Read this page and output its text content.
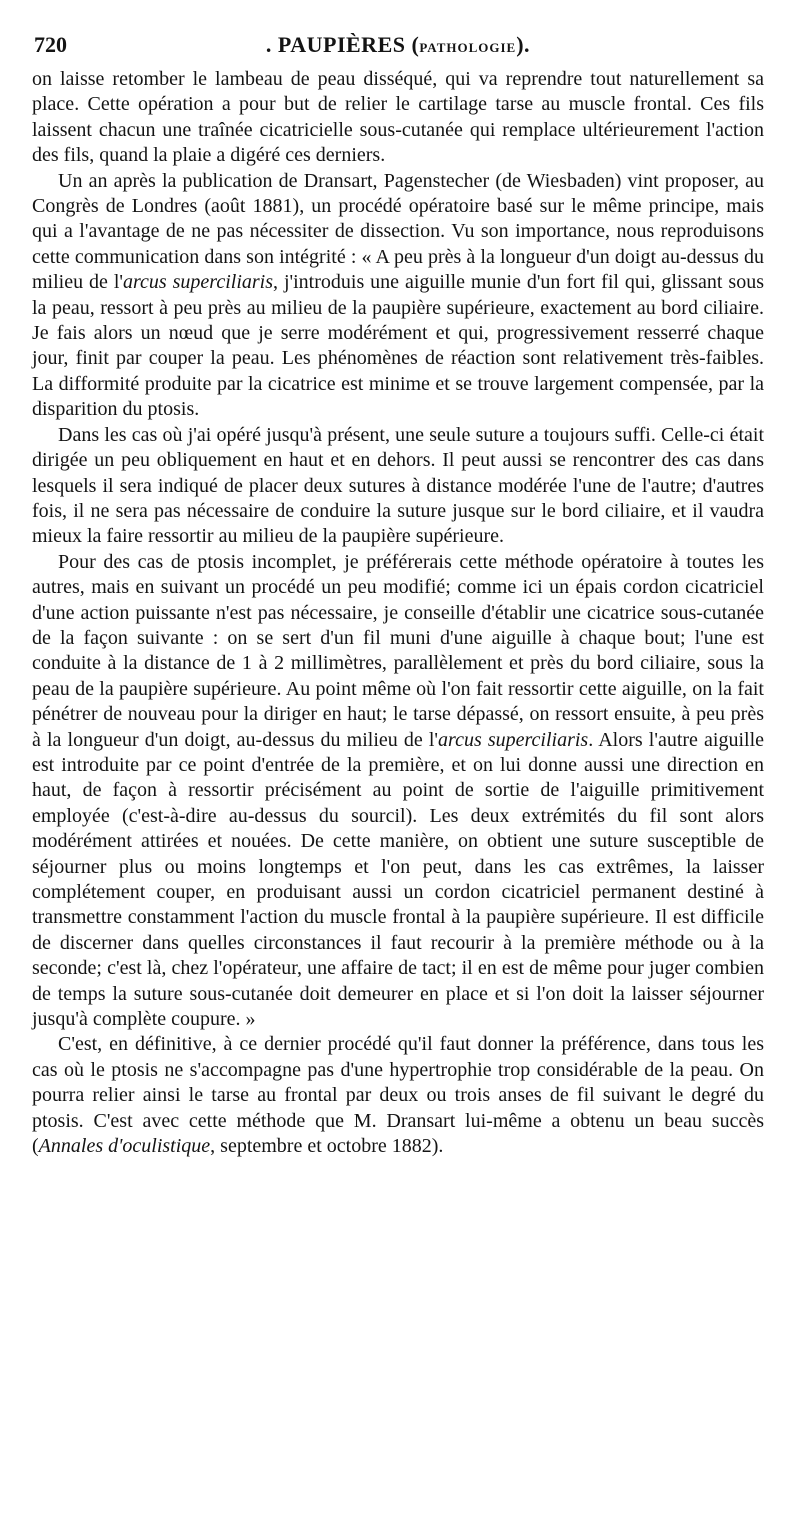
720	. PAUPIÈRES (pathologie).

on laisse retomber le lambeau de peau disséqué, qui va reprendre tout naturellement sa place. Cette opération a pour but de relier le cartilage tarse au muscle frontal. Ces fils laissent chacun une traînée cicatricielle sous-cutanée qui remplace ultérieurement l'action des fils, quand la plaie a digéré ces derniers.

Un an après la publication de Dransart, Pagenstecher (de Wiesbaden) vint proposer, au Congrès de Londres (août 1881), un procédé opératoire basé sur le même principe, mais qui a l'avantage de ne pas nécessiter de dissection. Vu son importance, nous reproduisons cette communication dans son intégrité : « A peu près à la longueur d'un doigt au-dessus du milieu de l'arcus superciliaris, j'introduis une aiguille munie d'un fort fil qui, glissant sous la peau, ressort à peu près au milieu de la paupière supérieure, exactement au bord ciliaire. Je fais alors un nœud que je serre modérément et qui, progressivement resserré chaque jour, finit par couper la peau. Les phénomènes de réaction sont relativement très-faibles. La difformité produite par la cicatrice est minime et se trouve largement compensée, par la disparition du ptosis.

Dans les cas où j'ai opéré jusqu'à présent, une seule suture a toujours suffi. Celle-ci était dirigée un peu obliquement en haut et en dehors. Il peut aussi se rencontrer des cas dans lesquels il sera indiqué de placer deux sutures à distance modérée l'une de l'autre; d'autres fois, il ne sera pas nécessaire de conduire la suture jusque sur le bord ciliaire, et il vaudra mieux la faire ressortir au milieu de la paupière supérieure.

Pour des cas de ptosis incomplet, je préférerais cette méthode opératoire à toutes les autres, mais en suivant un procédé un peu modifié; comme ici un épais cordon cicatriciel d'une action puissante n'est pas nécessaire, je conseille d'établir une cicatrice sous-cutanée de la façon suivante : on se sert d'un fil muni d'une aiguille à chaque bout; l'une est conduite à la distance de 1 à 2 millimètres, parallèlement et près du bord ciliaire, sous la peau de la paupière supérieure. Au point même où l'on fait ressortir cette aiguille, on la fait pénétrer de nouveau pour la diriger en haut; le tarse dépassé, on ressort ensuite, à peu près à la longueur d'un doigt, au-dessus du milieu de l'arcus superciliaris. Alors l'autre aiguille est introduite par ce point d'entrée de la première, et on lui donne aussi une direction en haut, de façon à ressortir précisément au point de sortie de l'aiguille primitivement employée (c'est-à-dire au-dessus du sourcil). Les deux extrémités du fil sont alors modérément attirées et nouées. De cette manière, on obtient une suture susceptible de séjourner plus ou moins longtemps et l'on peut, dans les cas extrêmes, la laisser complétement couper, en produisant aussi un cordon cicatriciel permanent destiné à transmettre constamment l'action du muscle frontal à la paupière supérieure. Il est difficile de discerner dans quelles circonstances il faut recourir à la première méthode ou à la seconde; c'est là, chez l'opérateur, une affaire de tact; il en est de même pour juger combien de temps la suture sous-cutanée doit demeurer en place et si l'on doit la laisser séjourner jusqu'à complète coupure. »

C'est, en définitive, à ce dernier procédé qu'il faut donner la préférence, dans tous les cas où le ptosis ne s'accompagne pas d'une hypertrophie trop considérable de la peau. On pourra relier ainsi le tarse au frontal par deux ou trois anses de fil suivant le degré du ptosis. C'est avec cette méthode que M. Dransart lui-même a obtenu un beau succès (Annales d'oculistique, septembre et octobre 1882).
